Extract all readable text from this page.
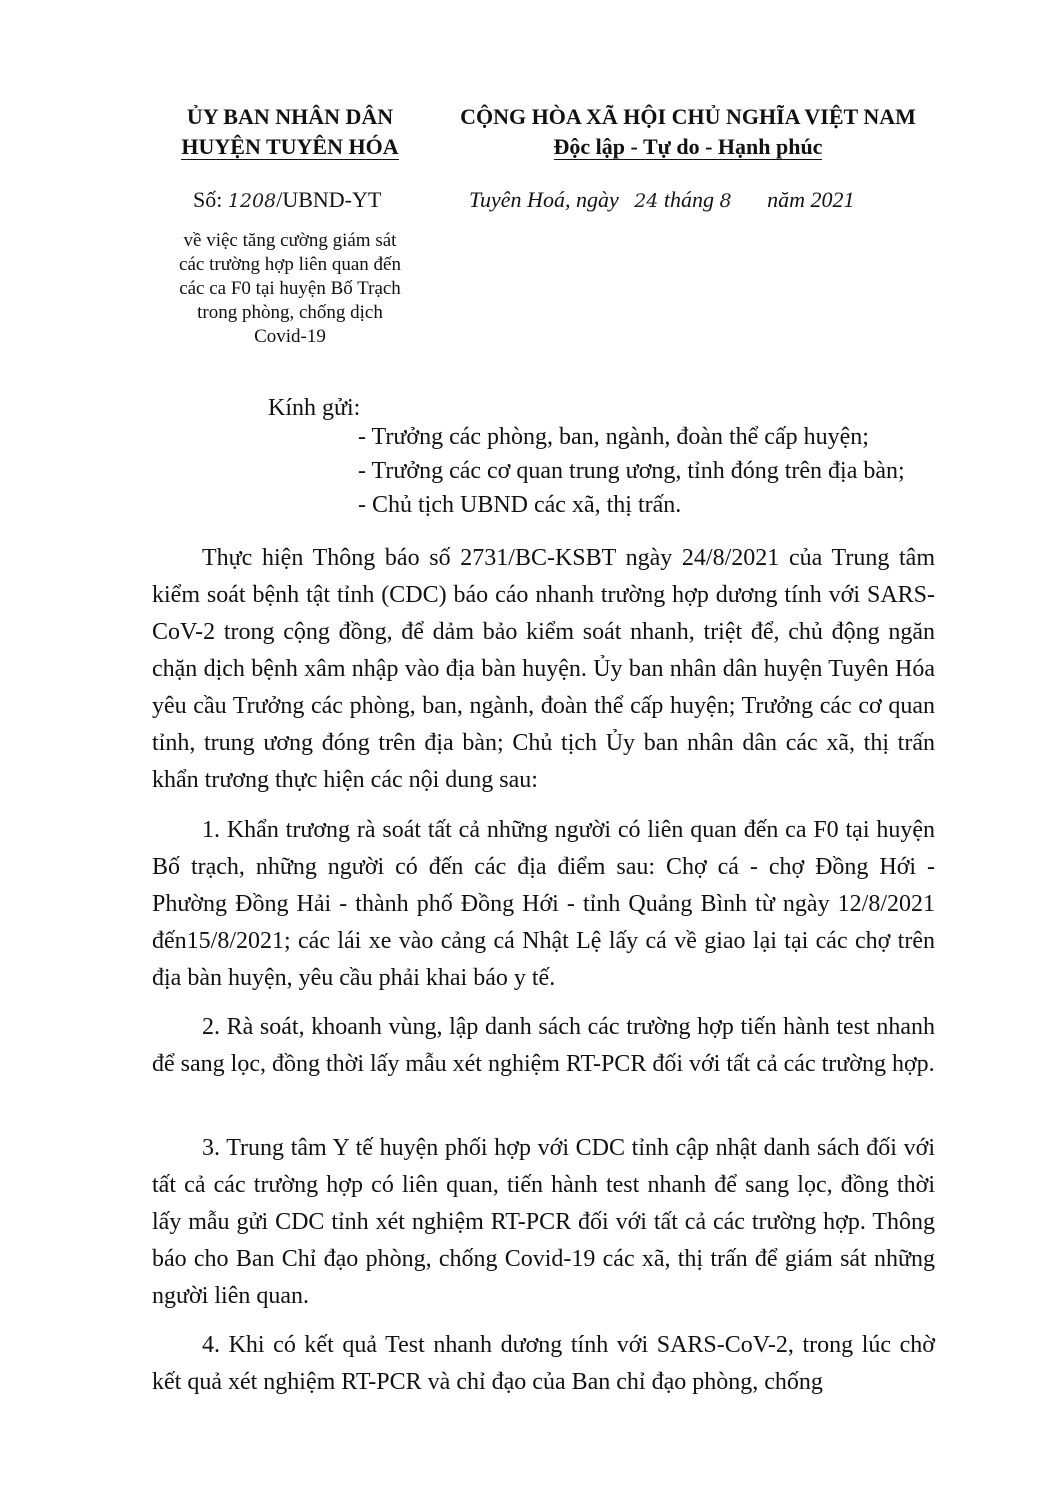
ỦY BAN NHÂN DÂN
HUYỆN TUYÊN HÓA
CỘNG HÒA XÃ HỘI CHỦ NGHĨA VIỆT NAM
Độc lập - Tự do - Hạnh phúc
Số: 1208/UBND-YT	Tuyên Hoá, ngày 24 tháng 8 năm 2021
về việc tăng cường giám sát
các trường hợp liên quan đến
các ca F0 tại huyện Bố Trạch
trong phòng, chống dịch
Covid-19
Kính gửi:
- Trưởng các phòng, ban, ngành, đoàn thể cấp huyện;
- Trưởng các cơ quan trung ương, tỉnh đóng trên địa bàn;
- Chủ tịch UBND các xã, thị trấn.
Thực hiện Thông báo số 2731/BC-KSBT ngày 24/8/2021 của Trung tâm kiểm soát bệnh tật tỉnh (CDC) báo cáo nhanh trường hợp dương tính với SARS-CoV-2 trong cộng đồng, để dảm bảo kiểm soát nhanh, triệt để, chủ động ngăn chặn dịch bệnh xâm nhập vào địa bàn huyện. Ủy ban nhân dân huyện Tuyên Hóa yêu cầu Trưởng các phòng, ban, ngành, đoàn thể cấp huyện; Trưởng các cơ quan tỉnh, trung ương đóng trên địa bàn; Chủ tịch Ủy ban nhân dân các xã, thị trấn khẩn trương thực hiện các nội dung sau:
1. Khẩn trương rà soát tất cả những người có liên quan đến ca F0 tại huyện Bố trạch, những người có đến các địa điểm sau: Chợ cá - chợ Đồng Hới - Phường Đồng Hải - thành phố Đồng Hới - tỉnh Quảng Bình từ ngày 12/8/2021 đến15/8/2021; các lái xe vào cảng cá Nhật Lệ lấy cá về giao lại tại các chợ trên địa bàn huyện, yêu cầu phải khai báo y tế.
2. Rà soát, khoanh vùng, lập danh sách các trường hợp tiến hành test nhanh để sang lọc, đồng thời lấy mẫu xét nghiệm RT-PCR đối với tất cả các trường hợp.
3. Trung tâm Y tế huyện phối hợp với CDC tỉnh cập nhật danh sách đối với tất cả các trường hợp có liên quan, tiến hành test nhanh để sang lọc, đồng thời lấy mẫu gửi CDC tỉnh xét nghiệm RT-PCR đối với tất cả các trường hợp. Thông báo cho Ban Chỉ đạo phòng, chống Covid-19 các xã, thị trấn để giám sát những người liên quan.
4. Khi có kết quả Test nhanh dương tính với SARS-CoV-2, trong lúc chờ kết quả xét nghiệm RT-PCR và chỉ đạo của Ban chỉ đạo phòng, chống
